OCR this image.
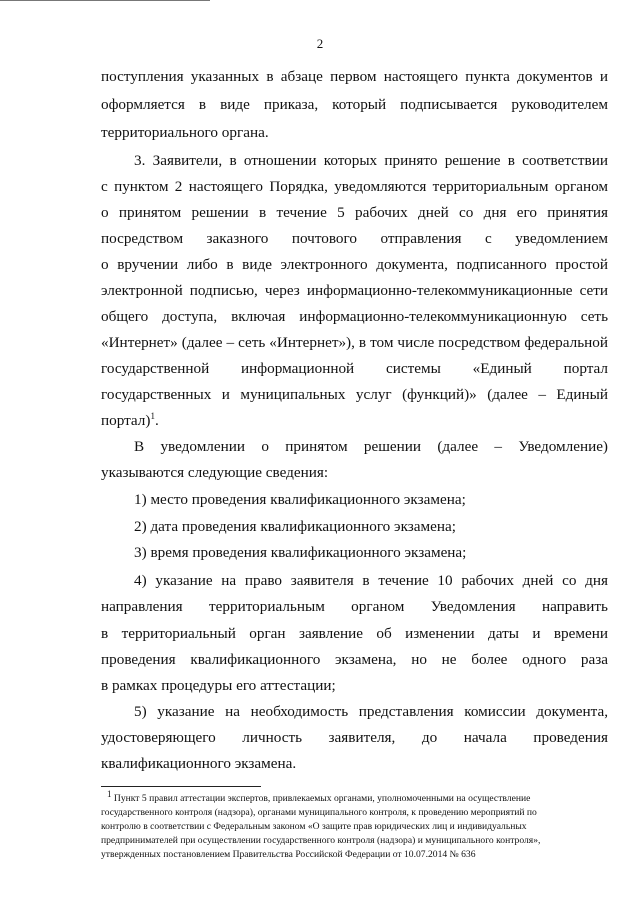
2
поступления указанных в абзаце первом настоящего пункта документов и
оформляется в виде приказа, который подписывается руководителем
территориального органа.
3. Заявители, в отношении которых принято решение в соответствии
с пунктом 2 настоящего Порядка, уведомляются территориальным органом
о принятом решении в течение 5 рабочих дней со дня его принятия
посредством заказного почтового отправления с уведомлением
о вручении либо в виде электронного документа, подписанного простой
электронной подписью, через информационно-телекоммуникационные сети
общего доступа, включая информационно-телекоммуникационную сеть
«Интернет» (далее – сеть «Интернет»), в том числе посредством федеральной
государственной информационной системы «Единый портал
государственных и муниципальных услуг (функций)» (далее – Единый
портал)$^1$.
В уведомлении о принятом решении (далее – Уведомление)
указываются следующие сведения:
1) место проведения квалификационного экзамена;
2) дата проведения квалификационного экзамена;
3) время проведения квалификационного экзамена;
4) указание на право заявителя в течение 10 рабочих дней со дня
направления территориальным органом Уведомления направить
в территориальный орган заявление об изменении даты и времени
проведения квалификационного экзамена, но не более одного раза
в рамках процедуры его аттестации;
5) указание на необходимость представления комиссии документа,
удостоверяющего личность заявителя, до начала проведения
квалификационного экзамена.
$^1$ Пункт 5 правил аттестации экспертов, привлекаемых органами, уполномоченными на осуществление
государственного контроля (надзора), органами муниципального контроля, к проведению мероприятий по
контролю в соответствии с Федеральным законом «О защите прав юридических лиц и индивидуальных
предпринимателей при осуществлении государственного контроля (надзора) и муниципального контроля»,
утвержденных постановлением Правительства Российской Федерации от 10.07.2014 № 636
